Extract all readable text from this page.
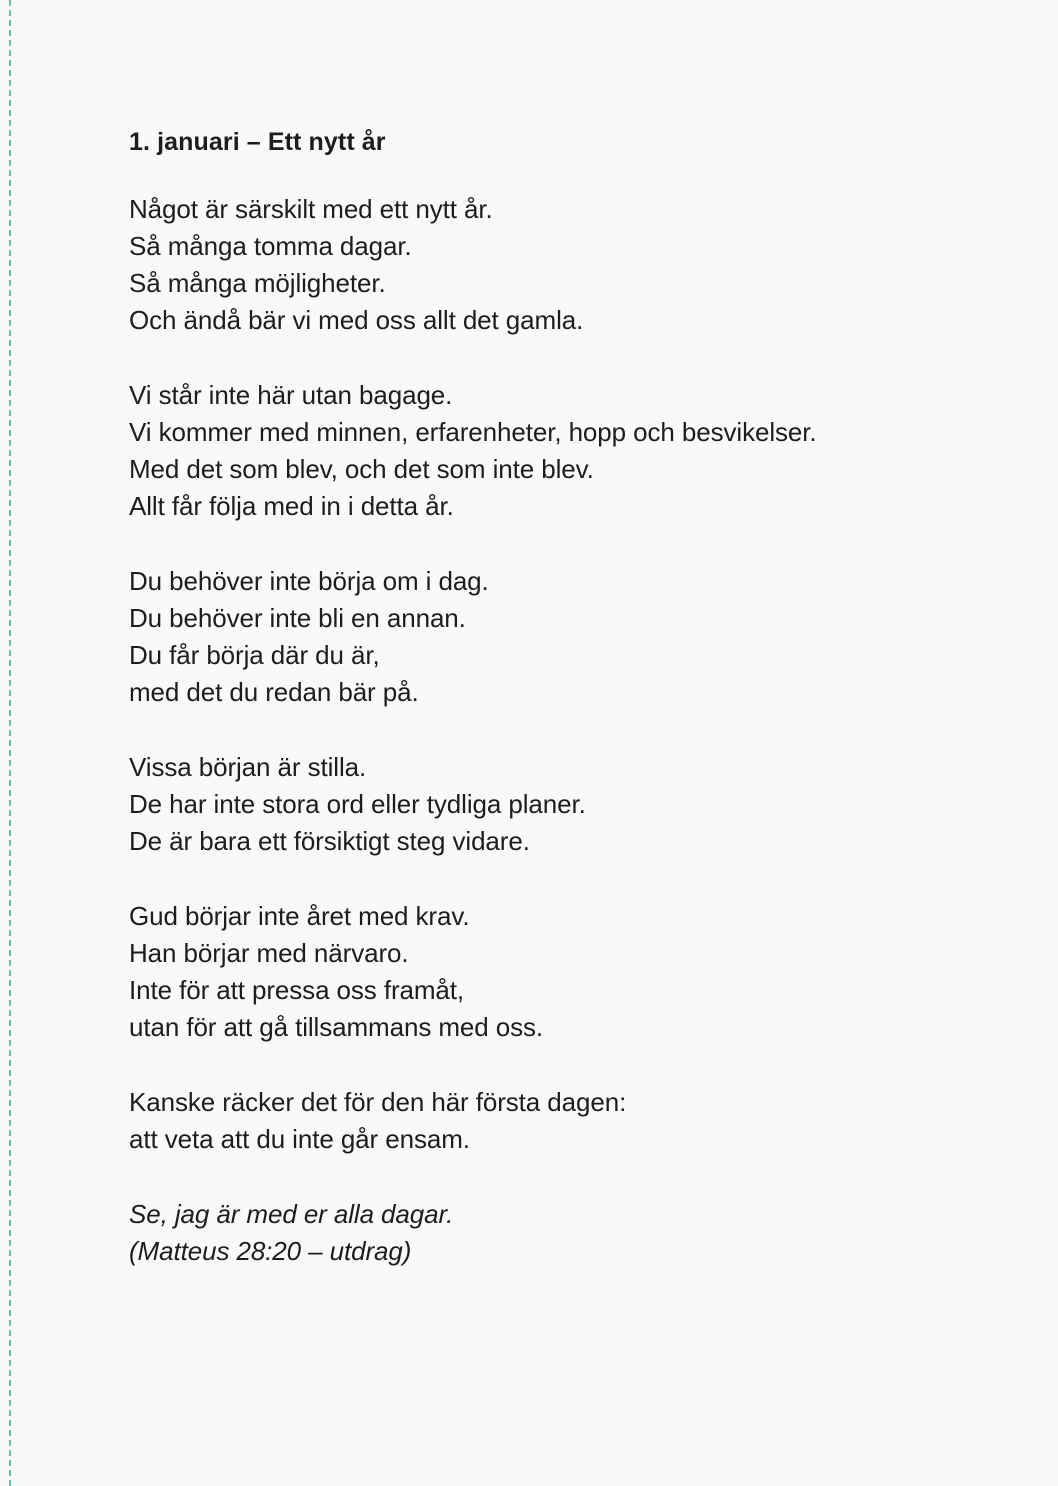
1. januari – Ett nytt år
Något är särskilt med ett nytt år.
Så många tomma dagar.
Så många möjligheter.
Och ändå bär vi med oss allt det gamla.
Vi står inte här utan bagage.
Vi kommer med minnen, erfarenheter, hopp och besvikelser.
Med det som blev, och det som inte blev.
Allt får följa med in i detta år.
Du behöver inte börja om i dag.
Du behöver inte bli en annan.
Du får börja där du är,
med det du redan bär på.
Vissa början är stilla.
De har inte stora ord eller tydliga planer.
De är bara ett försiktigt steg vidare.
Gud börjar inte året med krav.
Han börjar med närvaro.
Inte för att pressa oss framåt,
utan för att gå tillsammans med oss.
Kanske räcker det för den här första dagen:
att veta att du inte går ensam.
Se, jag är med er alla dagar.
(Matteus 28:20 – utdrag)
